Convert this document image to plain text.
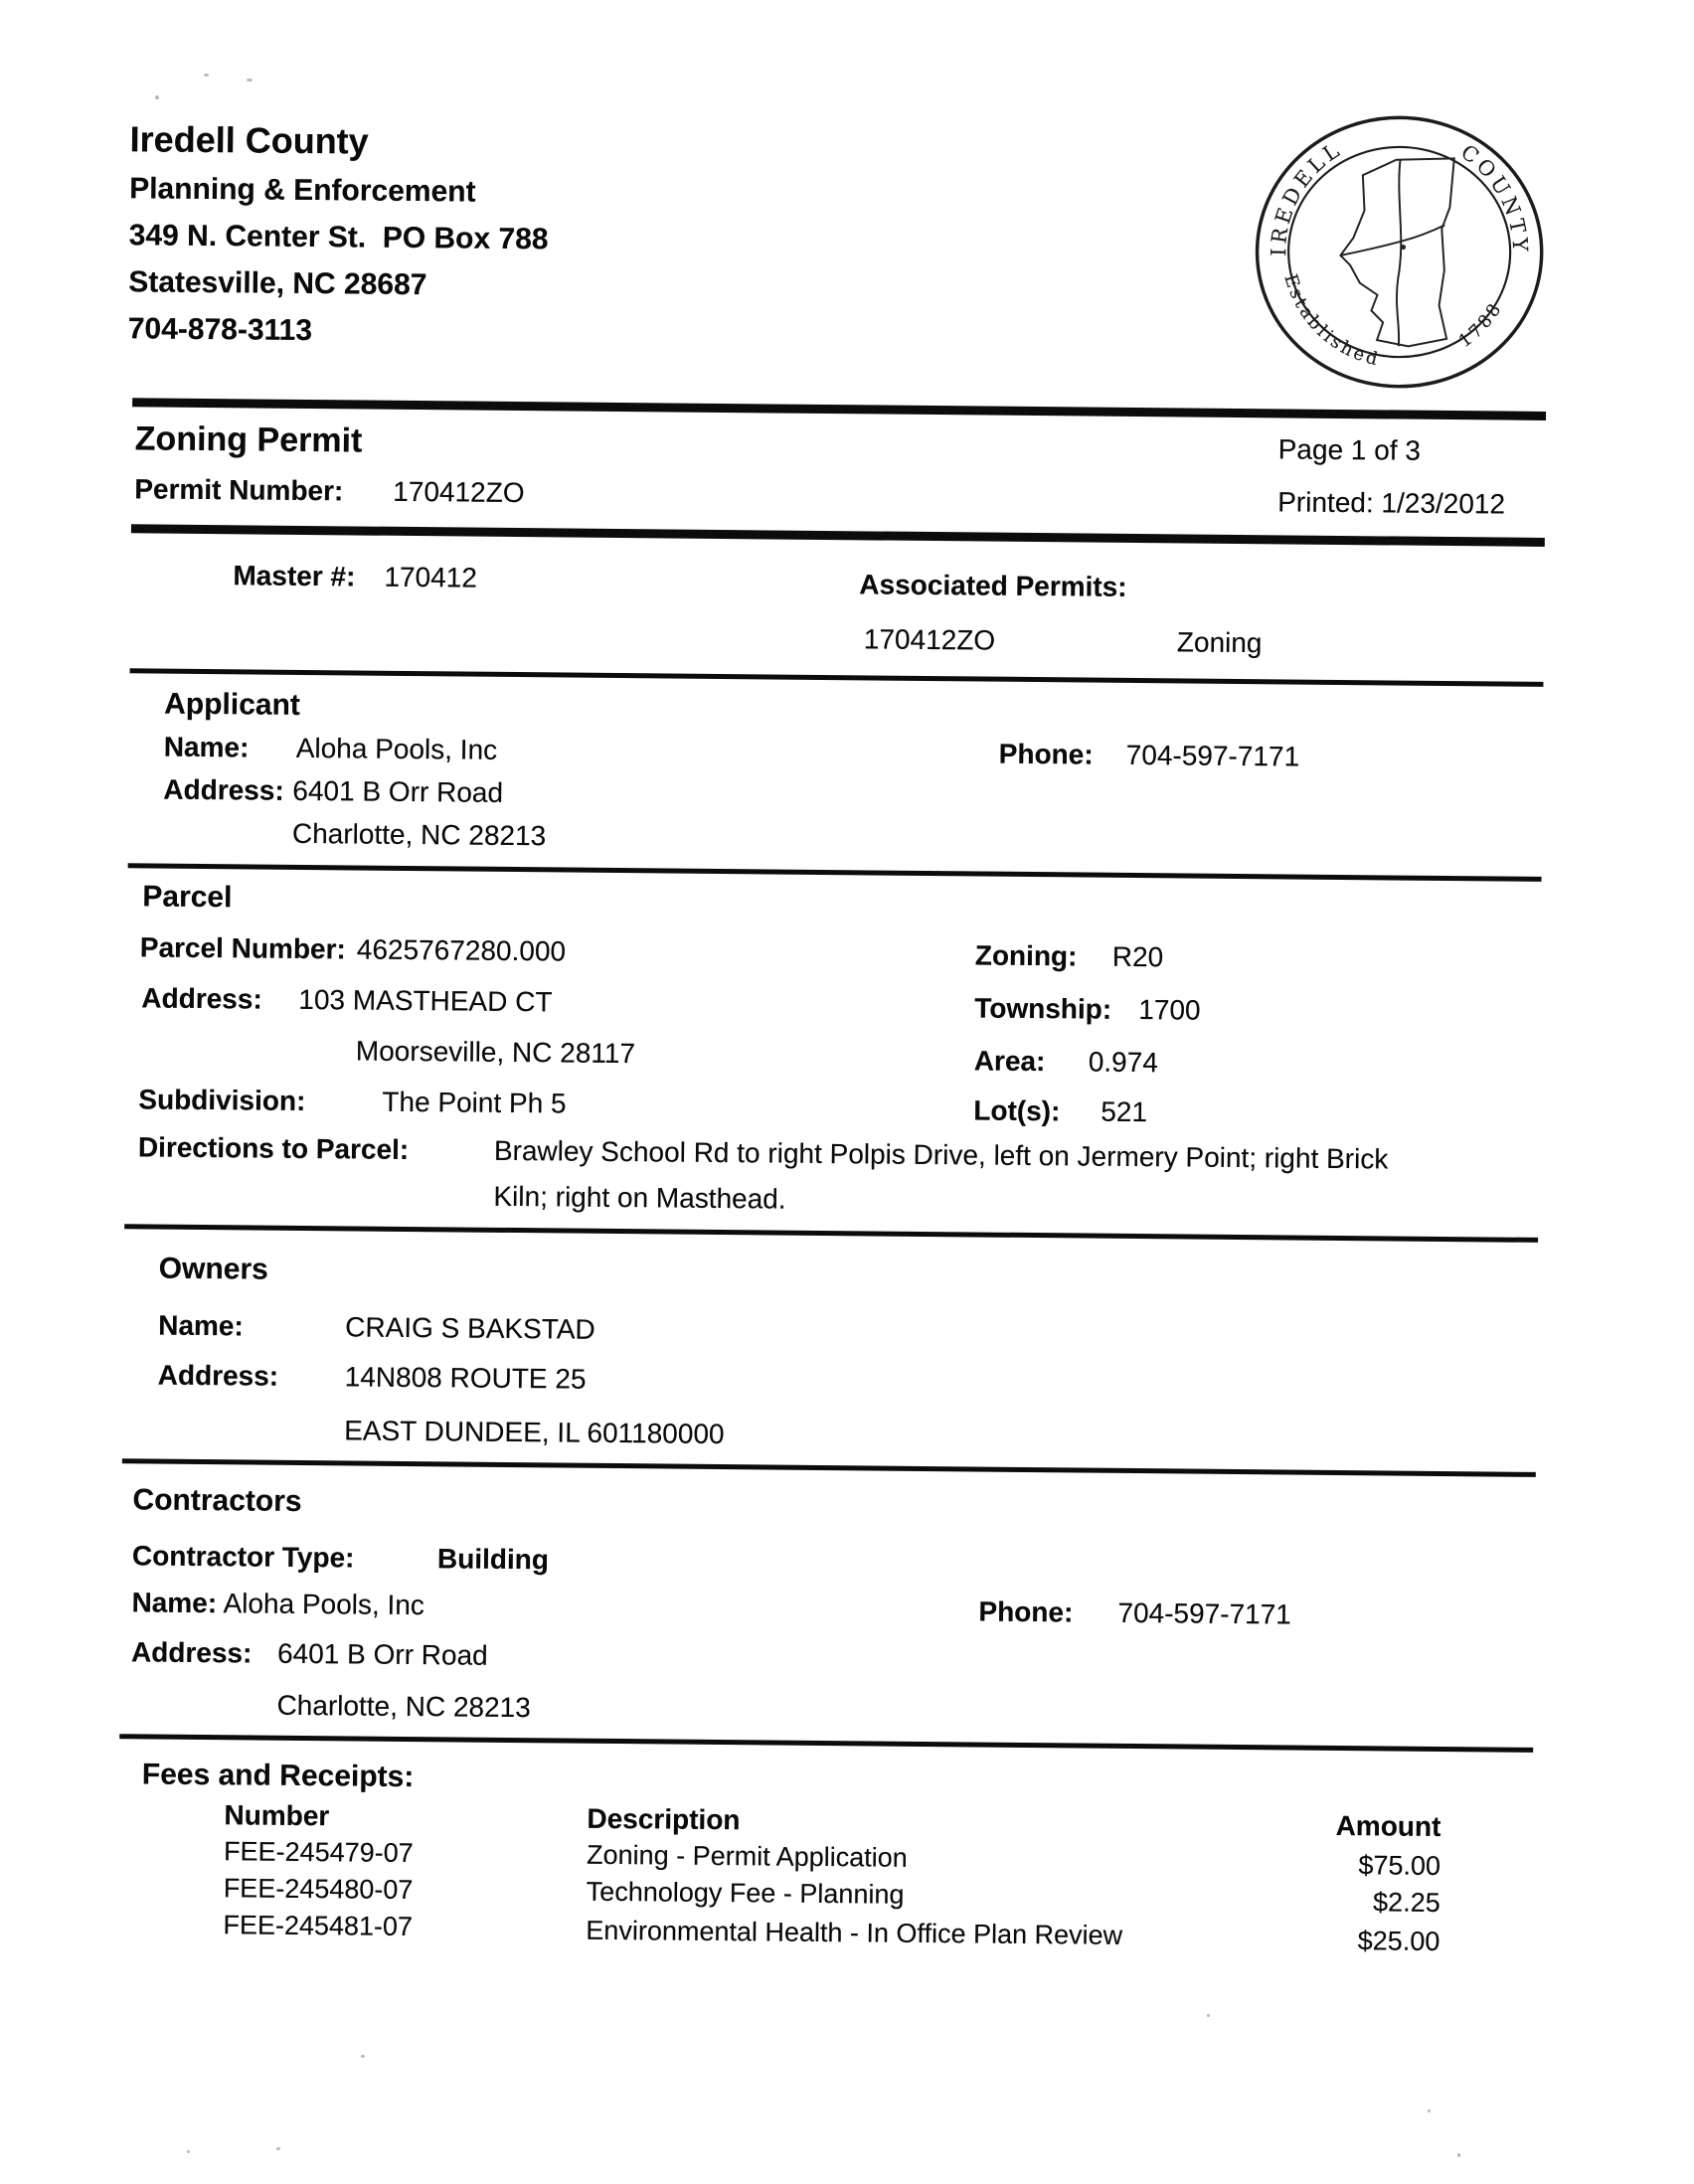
Iredell County
Planning & Enforcement
349 N. Center St.  PO Box 788
Statesville, NC 28687
704-878-3113
IREDELL	COUNTY
Established
1788
Zoning Permit
Permit Number: 170412ZO
Page 1 of 3
Printed: 1/23/2012
Master #: 170412	Associated Permits:
170412ZO	Zoning
Applicant
Name: Aloha Pools, Inc	Phone: 704-597-7171
Address: 6401 B Orr Road
Charlotte, NC 28213
Parcel
Parcel Number: 4625767280.000	Zoning: R20
Address: 103 MASTHEAD CT	Township: 1700
Moorseville, NC 28117	Area: 0.974
Subdivision:	The Point Ph 5	Lot(s): 521
Directions to Parcel:	Brawley School Rd to right Polpis Drive, left on Jermery Point; right Brick Kiln; right on Masthead.
Owners
Name:	CRAIG S BAKSTAD
Address: 14N808 ROUTE 25
EAST DUNDEE, IL 601180000
Contractors
Contractor Type:	Building
Name: Aloha Pools, Inc	Phone: 704-597-7171
Address: 6401 B Orr Road
Charlotte, NC 28213
Fees and Receipts:
Number	Description	Amount
FEE-245479-07	Zoning - Permit Application	$75.00
FEE-245480-07	Technology Fee - Planning	$2.25
FEE-245481-07	Environmental Health - In Office Plan Review	$25.00
